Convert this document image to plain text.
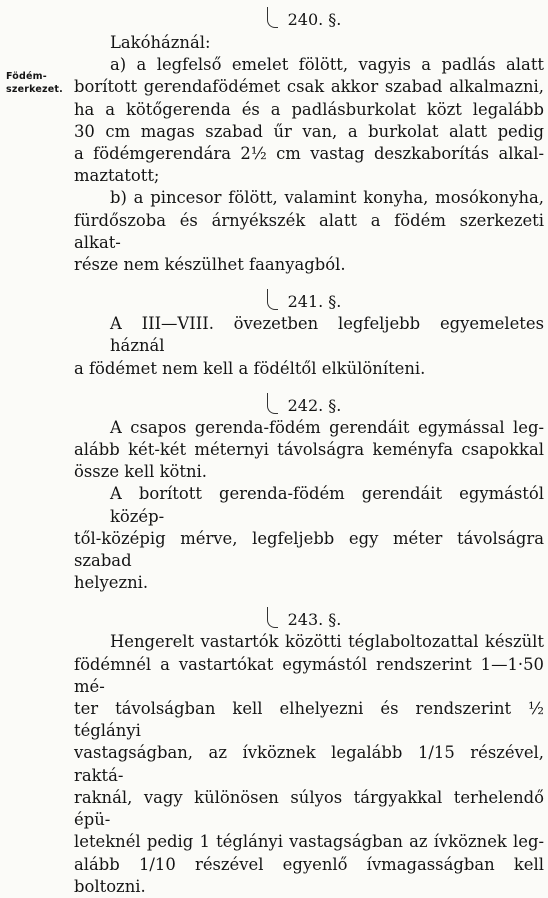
Födém-
szerkezet.
240. §.
Lakóháznál:
a) a legfelső emelet fölött, vagyis a padlás alatt
borított gerendafödémet csak akkor szabad alkalmazni,
ha a kötőgerenda és a padlásburkolat közt legalább
30 cm magas szabad űr van, a burkolat alatt pedig
a födémgerendára 2½ cm vastag deszkaborítás alkal-
maztatott;
b) a pincesor fölött, valamint konyha, mosókonyha,
fürdőszoba és árnyékszék alatt a födém szerkezeti alkat-
része nem készülhet faanyagból.
241. §.
A III—VIII. övezetben legfeljebb egyemeletes háznál
a födémet nem kell a födéltől elkülöníteni.
242. §.
A csapos gerenda-födém gerendáit egymással leg-
alább két-két méternyi távolságra keményfa csapokkal
össze kell kötni.
A borított gerenda-födém gerendáit egymástól közép-
től-középig mérve, legfeljebb egy méter távolságra szabad
helyezni.
243. §.
Hengerelt vastartók közötti téglaboltozattal készült
födémnél a vastartókat egymástól rendszerint 1—1·50 mé-
ter távolságban kell elhelyezni és rendszerint ½ téglányi
vastagságban, az ívköznek legalább 1/15 részével, raktá-
raknál, vagy különösen súlyos tárgyakkal terhelendő épü-
leteknél pedig 1 téglányi vastagságban az ívköznek leg-
alább 1/10 részével egyenlő ívmagasságban kell boltozni.
